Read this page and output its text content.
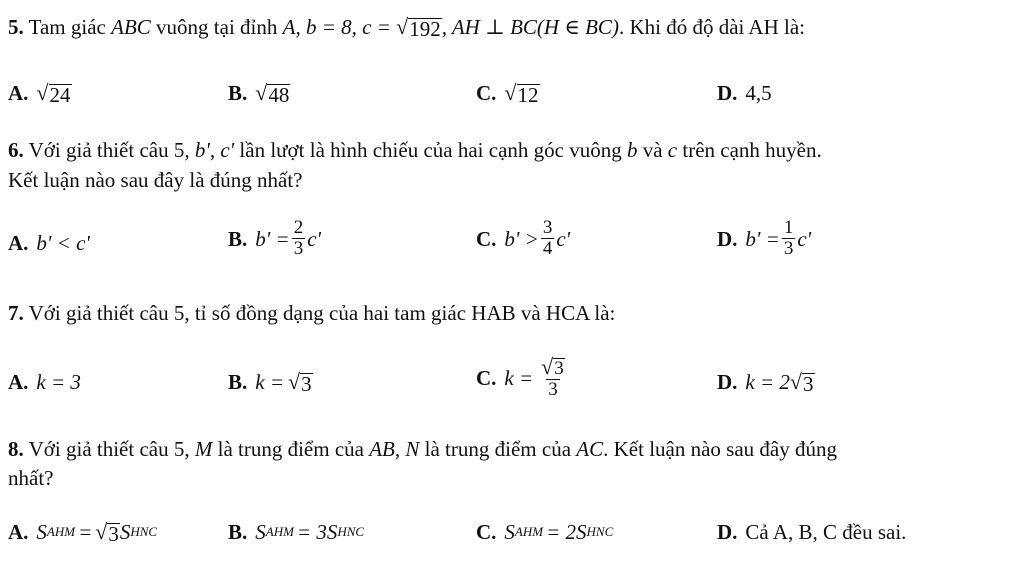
5. Tam giác ABC vuông tại đỉnh A, b = 8, c = √ 192 , AH ⊥ BC(H ∈ BC). Khi đó độ dài AH là:
A. √ 24	B. √ 48	C. √ 12	D. 4,5
6. Với giả thiết câu 5, b', c' lần lượt là hình chiếu của hai cạnh góc vuông b và c trên cạnh huyền.
Kết luận nào sau đây là đúng nhất?
A. b' < c'	B. $b' = \frac{2}{3} c'$	C. $b' > \frac{3}{4} c'$	D. $b' = \frac{1}{3} c'$
7. Với giả thiết câu 5, tỉ số đồng dạng của hai tam giác HAB và HCA là:
A. k = 3	B. k = √ 3	C. $k = \frac{√ 3}{3}$	D. k = 2 √ 3
8. Với giả thiết câu 5, M là trung điểm của AB, N là trung điểm của AC. Kết luận nào sau đây đúng
nhất?
A. S AHM = √ 3 S HNC	B. S AHM = 3S HNC	C. S AHM = 2S HNC	D. Cả A, B, C đều sai.
